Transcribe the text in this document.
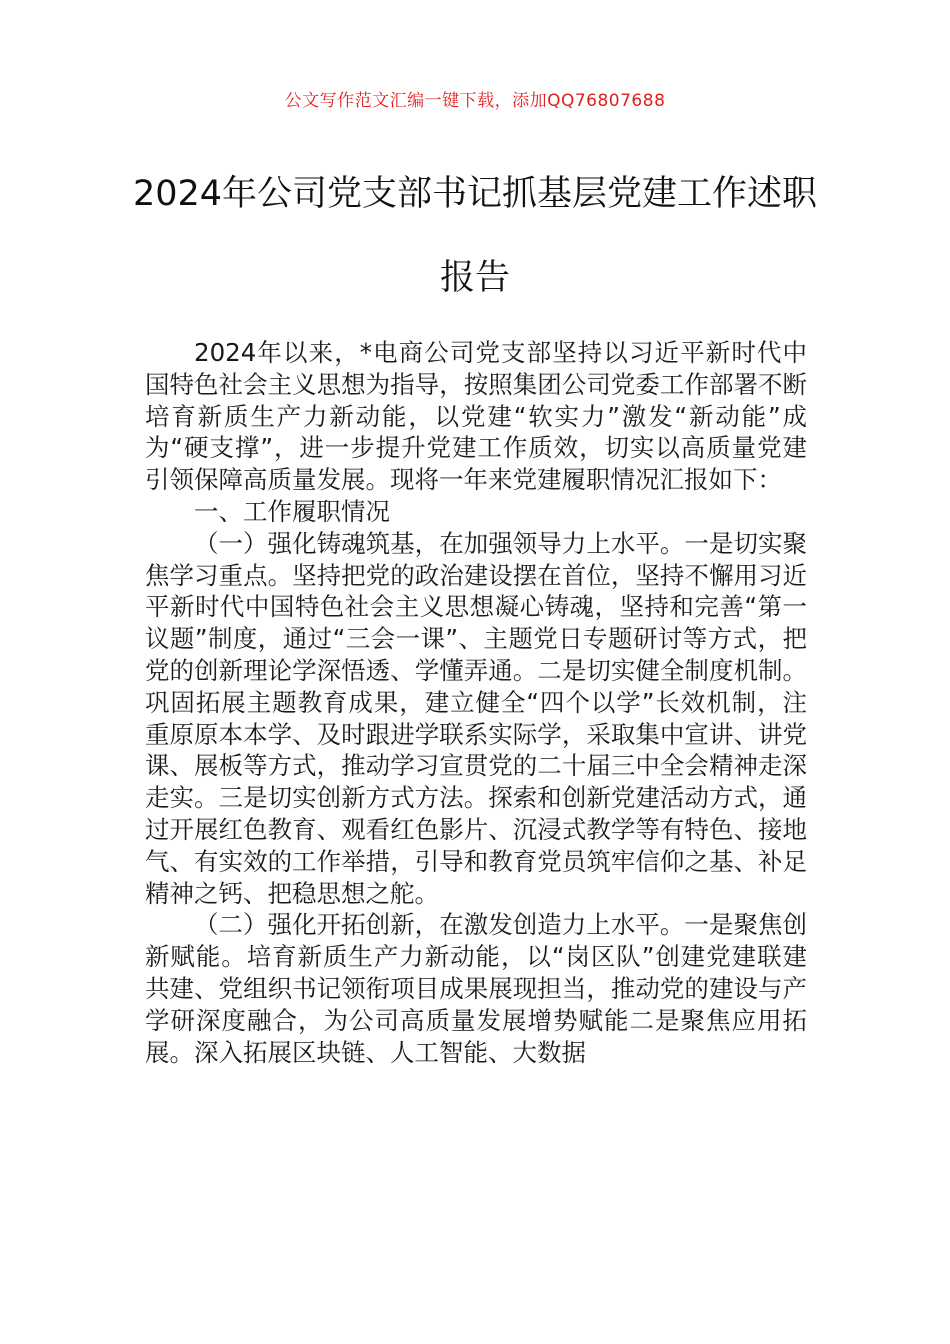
公文写作范文汇编一键下载，添加QQ76807688
2024年公司党支部书记抓基层党建工作述职报告

2024年以来，*电商公司党支部坚持以习近平新时代中国特色社会主义思想为指导，按照集团公司党委工作部署不断培育新质生产力新动能，以党建“软实力”激发“新动能”成为“硬支撑”，进一步提升党建工作质效，切实以高质量党建引领保障高质量发展。现将一年来党建履职情况汇报如下：

一、工作履职情况

（一）强化铸魂筑基，在加强领导力上水平。一是切实聚焦学习重点。坚持把党的政治建设摆在首位，坚持不懈用习近平新时代中国特色社会主义思想凝心铸魂，坚持和完善“第一议题”制度，通过“三会一课”、主题党日专题研讨等方式，把党的创新理论学深悟透、学懂弄通。二是切实健全制度机制。巩固拓展主题教育成果，建立健全“四个以学”长效机制，注重原原本本学、及时跟进学联系实际学，采取集中宣讲、讲党课、展板等方式，推动学习宣贯党的二十届三中全会精神走深走实。三是切实创新方式方法。探索和创新党建活动方式，通过开展红色教育、观看红色影片、沉浸式教学等有特色、接地气、有实效的工作举措，引导和教育党员筑牢信仰之基、补足精神之钙、把稳思想之舵。

（二）强化开拓创新，在激发创造力上水平。一是聚焦创新赋能。培育新质生产力新动能，以“岗区队”创建党建联建共建、党组织书记领衔项目成果展现担当，推动党的建设与产学研深度融合，为公司高质量发展增势赋能二是聚焦应用拓展。深入拓展区块链、人工智能、大数据
